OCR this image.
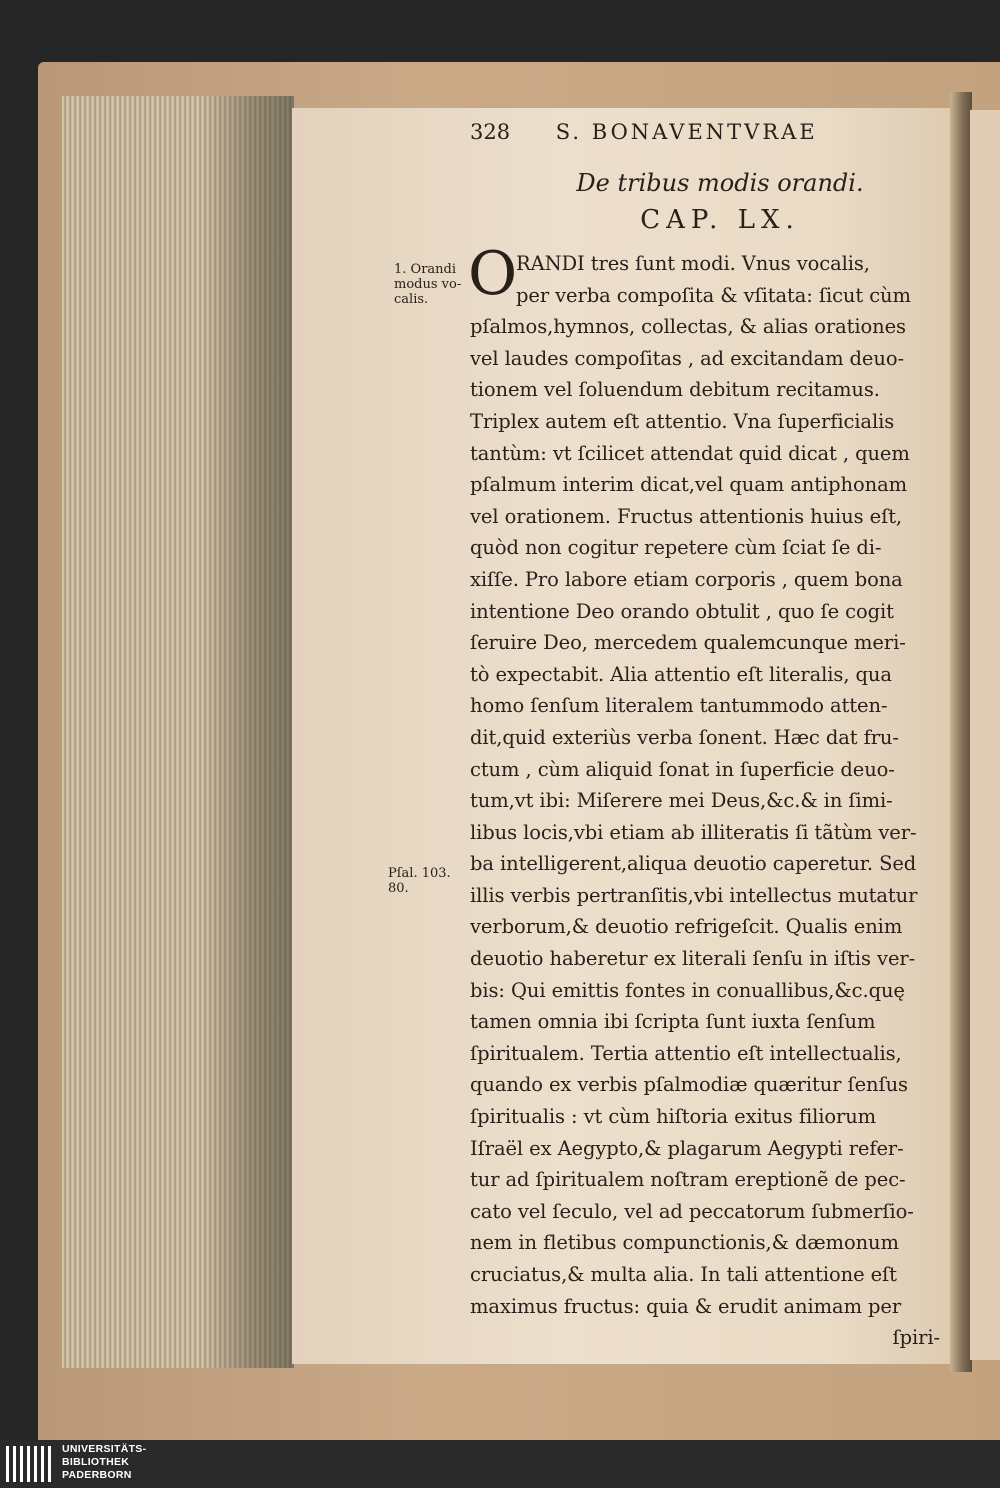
328 S. BONAVENTVRAE
De tribus modis orandi.
CAP. LX.
O
RANDI tres ſunt modi. Vnus vocalis,
per verba compoſita & vſitata: ſicut cùm
pſalmos,hymnos, collectas, & alias orationes
vel laudes compoſitas , ad excitandam deuo-
tionem vel ſoluendum debitum recitamus.
Triplex autem eſt attentio. Vna ſuperficialis
tantùm: vt ſcilicet attendat quid dicat , quem
pſalmum interim dicat,vel quam antiphonam
vel orationem. Fructus attentionis huius eſt,
quòd non cogitur repetere cùm ſciat ſe di-
xiſſe. Pro labore etiam corporis , quem bona
intentione Deo orando obtulit , quo ſe cogit
ſeruire Deo, mercedem qualemcunque meri-
tò expectabit. Alia attentio eſt literalis, qua
homo ſenſum literalem tantummodo atten-
dit,quid exteriùs verba ſonent. Hæc dat fru-
ctum , cùm aliquid ſonat in ſuperficie deuo-
tum,vt ibi: Miſerere mei Deus,&c.& in ſimi-
libus locis,vbi etiam ab illiteratis ſi tãtùm ver-
ba intelligerent,aliqua deuotio caperetur. Sed
illis verbis pertranſitis,vbi intellectus mutatur
verborum,& deuotio refrigeſcit. Qualis enim
deuotio haberetur ex literali ſenſu in iſtis ver-
bis: Qui emittis fontes in conuallibus,&c.quę
tamen omnia ibi ſcripta ſunt iuxta ſenſum
ſpiritualem. Tertia attentio eſt intellectualis,
quando ex verbis pſalmodiæ quæritur ſenſus
ſpiritualis : vt cùm hiſtoria exitus filiorum
Iſraël ex Aegypto,& plagarum Aegypti refer-
tur ad ſpiritualem noſtram ereptionẽ de pec-
cato vel ſeculo, vel ad peccatorum ſubmerſio-
nem in fletibus compunctionis,& dæmonum
cruciatus,& multa alia. In tali attentione eſt
maximus fructus: quia & erudit animam per
ſpiri-
1. Orandi
modus vo-
calis.
Pſal. 103.
80.
UNIVERSITÄTS-
BIBLIOTHEK
PADERBORN
